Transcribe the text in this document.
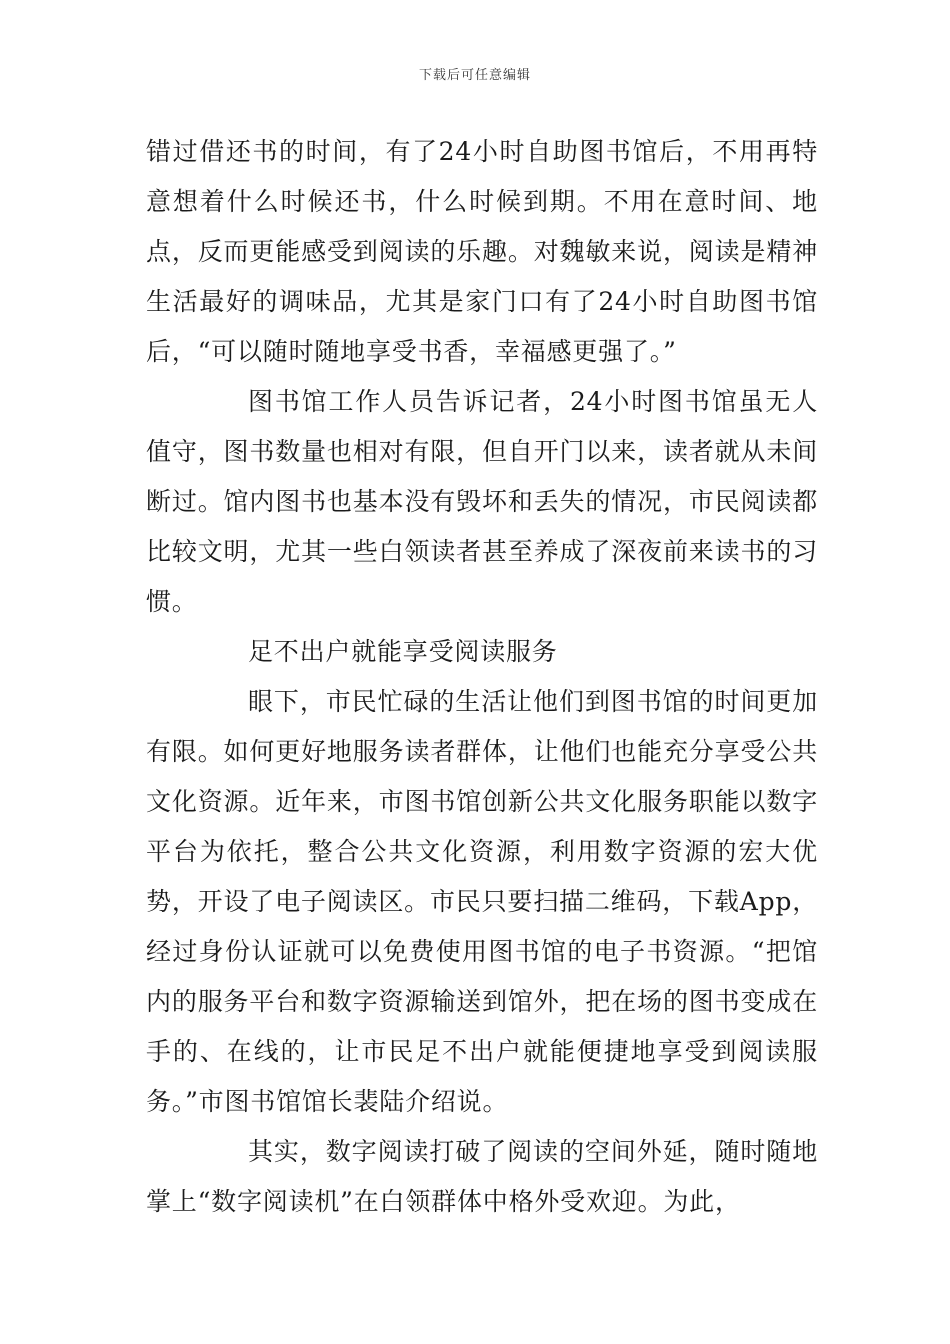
下载后可任意编辑

错过借还书的时间，有了24小时自助图书馆后，不用再特意想着什么时候还书，什么时候到期。不用在意时间、地点，反而更能感受到阅读的乐趣。对魏敏来说，阅读是精神生活最好的调味品，尤其是家门口有了24小时自助图书馆后，“可以随时随地享受书香，幸福感更强了。”

图书馆工作人员告诉记者，24小时图书馆虽无人值守，图书数量也相对有限，但自开门以来，读者就从未间断过。馆内图书也基本没有毁坏和丢失的情况，市民阅读都比较文明，尤其一些白领读者甚至养成了深夜前来读书的习惯。

足不出户就能享受阅读服务

眼下，市民忙碌的生活让他们到图书馆的时间更加有限。如何更好地服务读者群体，让他们也能充分享受公共文化资源。近年来，市图书馆创新公共文化服务职能以数字平台为依托，整合公共文化资源，利用数字资源的宏大优势，开设了电子阅读区。市民只要扫描二维码，下载App，经过身份认证就可以免费使用图书馆的电子书资源。“把馆内的服务平台和数字资源输送到馆外，把在场的图书变成在手的、在线的，让市民足不出户就能便捷地享受到阅读服务。”市图书馆馆长裴陆介绍说。

其实，数字阅读打破了阅读的空间外延，随时随地掌上“数字阅读机”在白领群体中格外受欢迎。为此，
